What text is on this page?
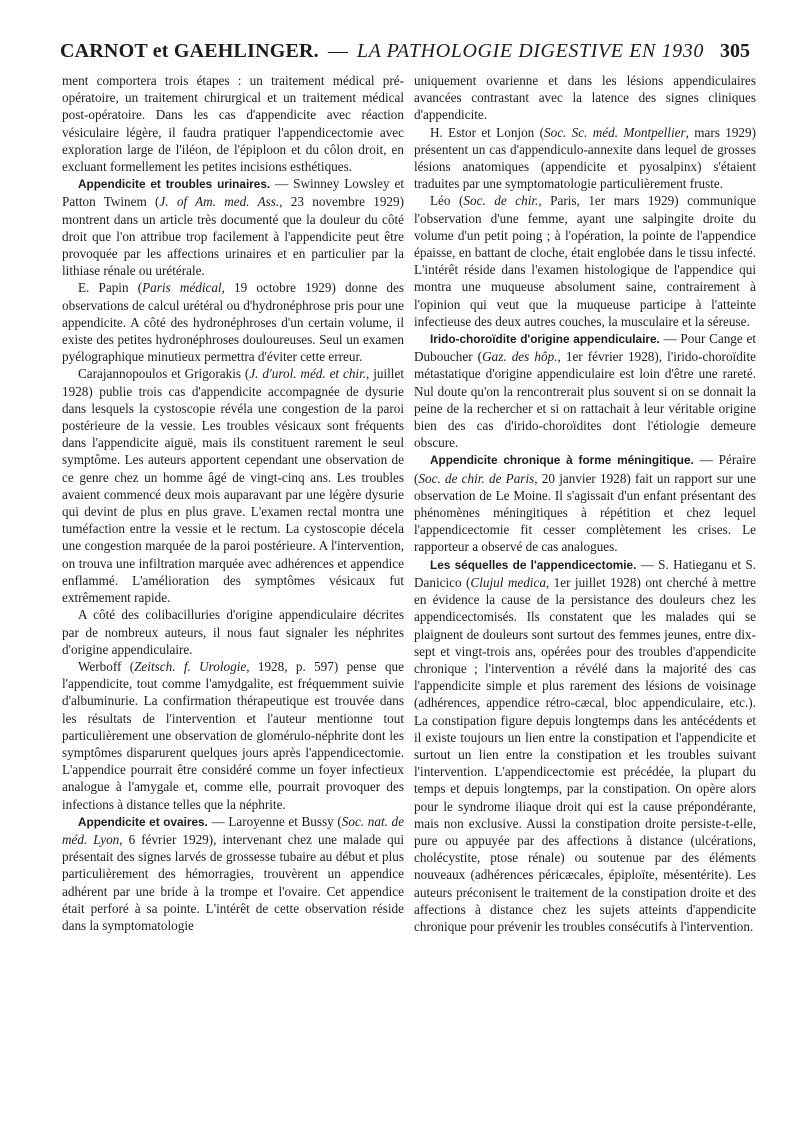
CARNOT et GAEHLINGER. — LA PATHOLOGIE DIGESTIVE EN 1930 305

ment comportera trois étapes : un traitement médical pré-opératoire, un traitement chirurgical et un traitement médical post-opératoire. Dans les cas d'appendicite avec réaction vésiculaire légère, il faudra pratiquer l'appendicectomie avec exploration large de l'iléon, de l'épiploon et du côlon droit, en excluant formellement les petites incisions esthétiques.

Appendicite et troubles urinaires. — Swinney Lowsley et Patton Twinem (J. of Am. med. Ass., 23 novembre 1929) montrent dans un article très documenté que la douleur du côté droit que l'on attribue trop facilement à l'appendicite peut être provoquée par les affections urinaires et en particulier par la lithiase rénale ou urétérale.

E. Papin (Paris médical, 19 octobre 1929) donne des observations de calcul urétéral ou d'hydronéphrose pris pour une appendicite. A côté des hydronéphroses d'un certain volume, il existe des petites hydronéphroses douloureuses. Seul un examen pyélographique minutieux permettra d'éviter cette erreur.

Carajannopoulos et Grigorakis (J. d'urol. méd. et chir., juillet 1928) publie trois cas d'appendicite accompagnée de dysurie dans lesquels la cystoscopie révéla une congestion de la paroi postérieure de la vessie. Les troubles vésicaux sont fréquents dans l'appendicite aiguë, mais ils constituent rarement le seul symptôme. Les auteurs apportent cependant une observation de ce genre chez un homme âgé de vingt-cinq ans. Les troubles avaient commencé deux mois auparavant par une légère dysurie qui devint de plus en plus grave. L'examen rectal montra une tuméfaction entre la vessie et le rectum. La cystoscopie décela une congestion marquée de la paroi postérieure. A l'intervention, on trouva une infiltration marquée avec adhérences et appendice enflammé. L'amélioration des symptômes vésicaux fut extrêmement rapide.

A côté des colibacilluries d'origine appendiculaire décrites par de nombreux auteurs, il nous faut signaler les néphrites d'origine appendiculaire.

Werboff (Zeitsch. f. Urologie, 1928, p. 597) pense que l'appendicite, tout comme l'amydgalite, est fréquemment suivie d'albuminurie. La confirmation thérapeutique est trouvée dans les résultats de l'intervention et l'auteur mentionne tout particulièrement une observation de glomérulo-néphrite dont les symptômes disparurent quelques jours après l'appendicectomie. L'appendice pourrait être considéré comme un foyer infectieux analogue à l'amygale et, comme elle, pourrait provoquer des infections à distance telles que la néphrite.

Appendicite et ovaires. — Laroyenne et Bussy (Soc. nat. de méd. Lyon, 6 février 1929), intervenant chez une malade qui présentait des signes larvés de grossesse tubaire au début et plus particulièrement des hémorragies, trouvèrent un appendice adhérent par une bride à la trompe et l'ovaire. Cet appendice était perforé à sa pointe. L'intérêt de cette observation réside dans la symptomatologie

uniquement ovarienne et dans les lésions appendiculaires avancées contrastant avec la latence des signes cliniques d'appendicite.

H. Estor et Lonjon (Soc. Sc. méd. Montpellier, mars 1929) présentent un cas d'appendiculo-annexite dans lequel de grosses lésions anatomiques (appendicite et pyosalpinx) s'étaient traduites par une symptomatologie particulièrement fruste.

Léo (Soc. de chir., Paris, 1er mars 1929) communique l'observation d'une femme, ayant une salpingite droite du volume d'un petit poing ; à l'opération, la pointe de l'appendice épaisse, en battant de cloche, était englobée dans le tissu infecté. L'intérêt réside dans l'examen histologique de l'appendice qui montra une muqueuse absolument saine, contrairement à l'opinion qui veut que la muqueuse participe à l'atteinte infectieuse des deux autres couches, la musculaire et la séreuse.

Irido-choroïdite d'origine appendiculaire. — Pour Cange et Duboucher (Gaz. des hôp., 1er février 1928), l'irido-choroïdite métastatique d'origine appendiculaire est loin d'être une rareté. Nul doute qu'on la rencontrerait plus souvent si on se donnait la peine de la rechercher et si on rattachait à leur véritable origine bien des cas d'irido-choroïdites dont l'étiologie demeure obscure.

Appendicite chronique à forme méningitique. — Péraire (Soc. de chir. de Paris, 20 janvier 1928) fait un rapport sur une observation de Le Moine. Il s'agissait d'un enfant présentant des phénomènes méningitiques à répétition et chez lequel l'appendicectomie fit cesser complètement les crises. Le rapporteur a observé de cas analogues.

Les séquelles de l'appendicectomie. — S. Hatieganu et S. Danicico (Clujul medica, 1er juillet 1928) ont cherché à mettre en évidence la cause de la persistance des douleurs chez les appendicectomisés. Ils constatent que les malades qui se plaignent de douleurs sont surtout des femmes jeunes, entre dix-sept et vingt-trois ans, opérées pour des troubles d'appendicite chronique ; l'intervention a révélé dans la majorité des cas l'appendicite simple et plus rarement des lésions de voisinage (adhérences, appendice rétro-cæcal, bloc appendiculaire, etc.). La constipation figure depuis longtemps dans les antécédents et il existe toujours un lien entre la constipation et l'appendicite et surtout un lien entre la constipation et les troubles suivant l'intervention. L'appendicectomie est précédée, la plupart du temps et depuis longtemps, par la constipation. On opère alors pour le syndrome iliaque droit qui est la cause prépondérante, mais non exclusive. Aussi la constipation droite persiste-t-elle, pure ou appuyée par des affections à distance (ulcérations, cholécystite, ptose rénale) ou soutenue par des éléments nouveaux (adhérences péricæcales, épiploïte, mésentérite). Les auteurs préconisent le traitement de la constipation droite et des affections à distance chez les sujets atteints d'appendicite chronique pour prévenir les troubles consécutifs à l'intervention.
